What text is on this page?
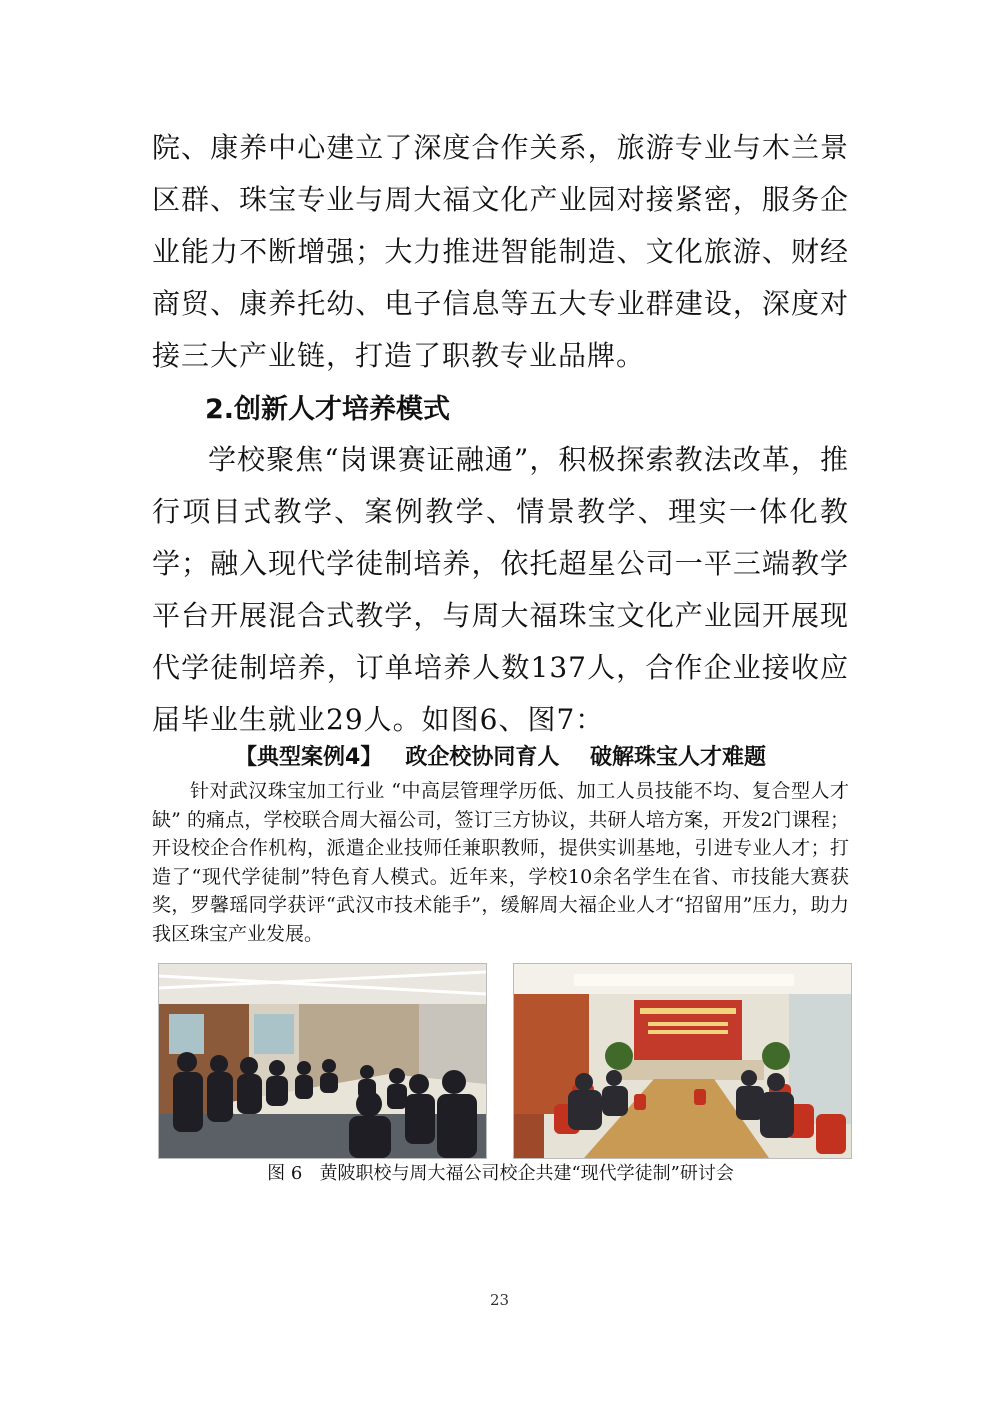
院、康养中心建立了深度合作关系，旅游专业与木兰景区群、珠宝专业与周大福文化产业园对接紧密，服务企业能力不断增强；大力推进智能制造、文化旅游、财经商贸、康养托幼、电子信息等五大专业群建设，深度对接三大产业链，打造了职教专业品牌。

2.创新人才培养模式

学校聚焦“岗课赛证融通”，积极探索教法改革，推行项目式教学、案例教学、情景教学、理实一体化教学；融入现代学徒制培养，依托超星公司一平三端教学平台开展混合式教学，与周大福珠宝文化产业园开展现代学徒制培养，订单培养人数137人，合作企业接收应届毕业生就业29人。如图6、图7：

【典型案例4】   政企校协同育人    破解珠宝人才难题

针对武汉珠宝加工行业 “中高层管理学历低、加工人员技能不均、复合型人才缺” 的痛点，学校联合周大福公司，签订三方协议，共研人培方案，开发2门课程；开设校企合作机构，派遣企业技师任兼职教师，提供实训基地，引进专业人才；打造了“现代学徒制”特色育人模式。近年来，学校10余名学生在省、市技能大赛获奖，罗馨瑶同学获评“武汉市技术能手”，缓解周大福企业人才“招留用”压力，助力我区珠宝产业发展。

图 6   黄陂职校与周大福公司校企共建“现代学徒制”研讨会

23
